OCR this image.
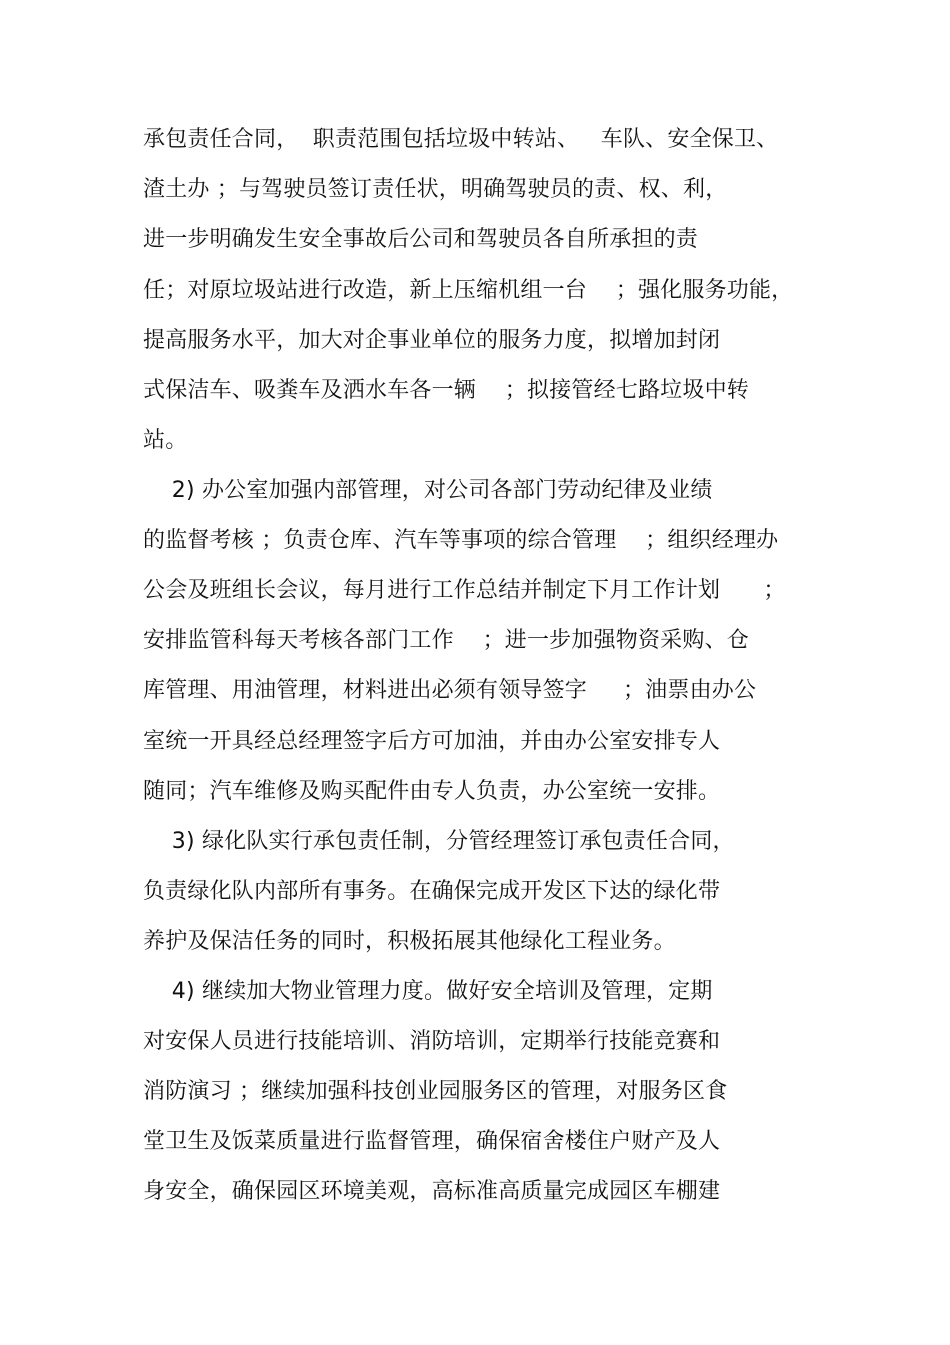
承包责任合同，  职责范围包括垃圾中转站、   车队、安全保卫、
渣土办 ；与驾驶员签订责任状，明确驾驶员的责、权、利，
进一步明确发生安全事故后公司和驾驶员各自所承担的责
任；对原垃圾站进行改造，新上压缩机组一台    ；强化服务功能，
提高服务水平，加大对企事业单位的服务力度，拟增加封闭
式保洁车、吸粪车及洒水车各一辆    ；拟接管经七路垃圾中转
站。
2) 办公室加强内部管理，对公司各部门劳动纪律及业绩
的监督考核 ；负责仓库、汽车等事项的综合管理    ；组织经理办
公会及班组长会议，每月进行工作总结并制定下月工作计划      ；
安排监管科每天考核各部门工作    ；进一步加强物资采购、仓
库管理、用油管理，材料进出必须有领导签字     ；油票由办公
室统一开具经总经理签字后方可加油，并由办公室安排专人
随同；汽车维修及购买配件由专人负责，办公室统一安排。
3) 绿化队实行承包责任制，分管经理签订承包责任合同，
负责绿化队内部所有事务。在确保完成开发区下达的绿化带
养护及保洁任务的同时，积极拓展其他绿化工程业务。
4) 继续加大物业管理力度。做好安全培训及管理，定期
对安保人员进行技能培训、消防培训，定期举行技能竞赛和
消防演习 ；继续加强科技创业园服务区的管理，对服务区食
堂卫生及饭菜质量进行监督管理，确保宿舍楼住户财产及人
身安全，确保园区环境美观，高标准高质量完成园区车棚建
